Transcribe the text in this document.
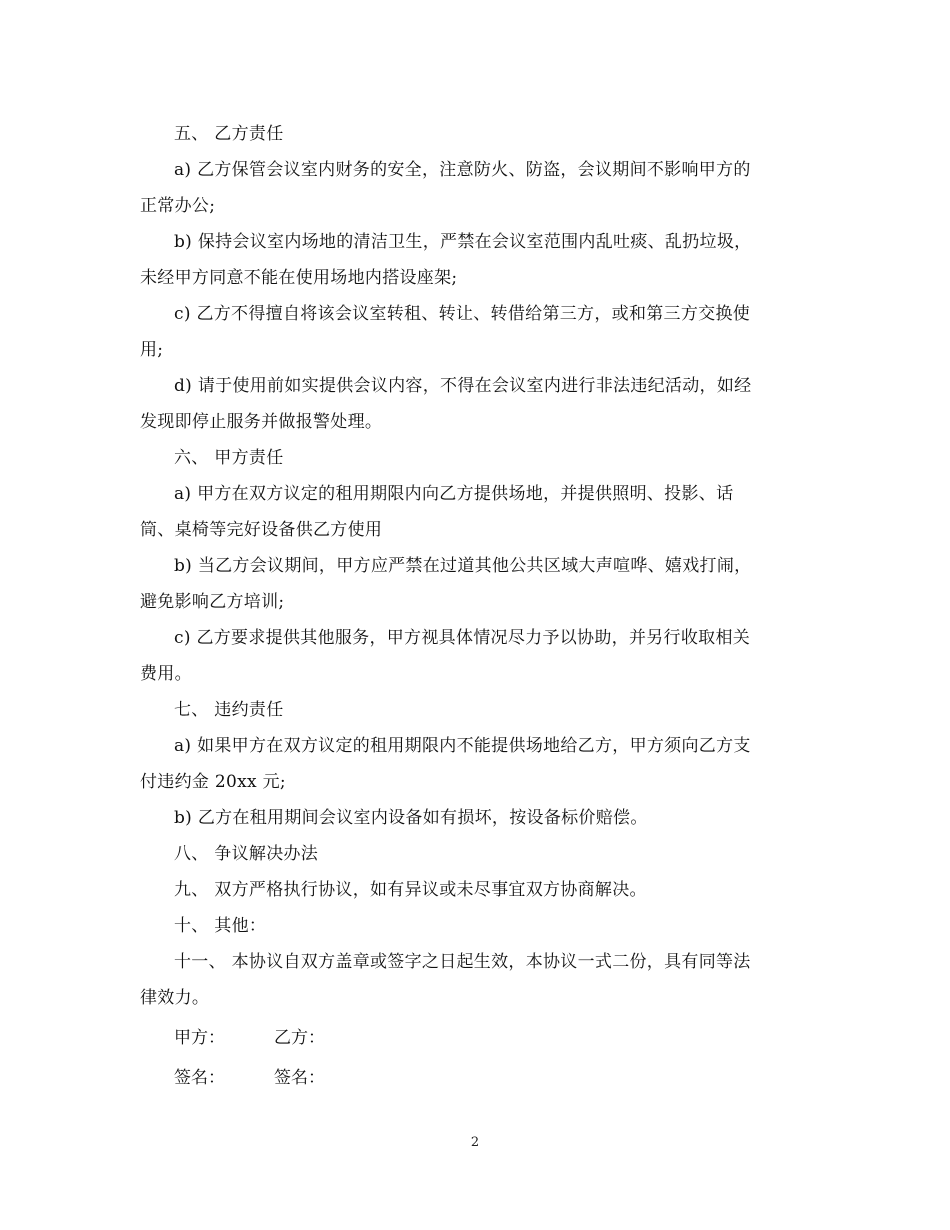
五、 乙方责任

a) 乙方保管会议室内财务的安全，注意防火、防盗，会议期间不影响甲方的
正常办公;

b) 保持会议室内场地的清洁卫生，严禁在会议室范围内乱吐痰、乱扔垃圾，
未经甲方同意不能在使用场地内搭设座架;

c) 乙方不得擅自将该会议室转租、转让、转借给第三方，或和第三方交换使
用;

d) 请于使用前如实提供会议内容，不得在会议室内进行非法违纪活动，如经
发现即停止服务并做报警处理。

六、 甲方责任

a) 甲方在双方议定的租用期限内向乙方提供场地，并提供照明、投影、话
筒、桌椅等完好设备供乙方使用

b) 当乙方会议期间，甲方应严禁在过道其他公共区域大声喧哗、嬉戏打闹，
避免影响乙方培训;

c) 乙方要求提供其他服务，甲方视具体情况尽力予以协助，并另行收取相关
费用。

七、 违约责任

a) 如果甲方在双方议定的租用期限内不能提供场地给乙方，甲方须向乙方支
付违约金 20xx 元;

b) 乙方在租用期间会议室内设备如有损坏，按设备标价赔偿。

八、 争议解决办法

九、 双方严格执行协议，如有异议或未尽事宜双方协商解决。

十、 其他：

十一、 本协议自双方盖章或签字之日起生效，本协议一式二份，具有同等法
律效力。

甲方：	乙方：
签名：	签名：
2
